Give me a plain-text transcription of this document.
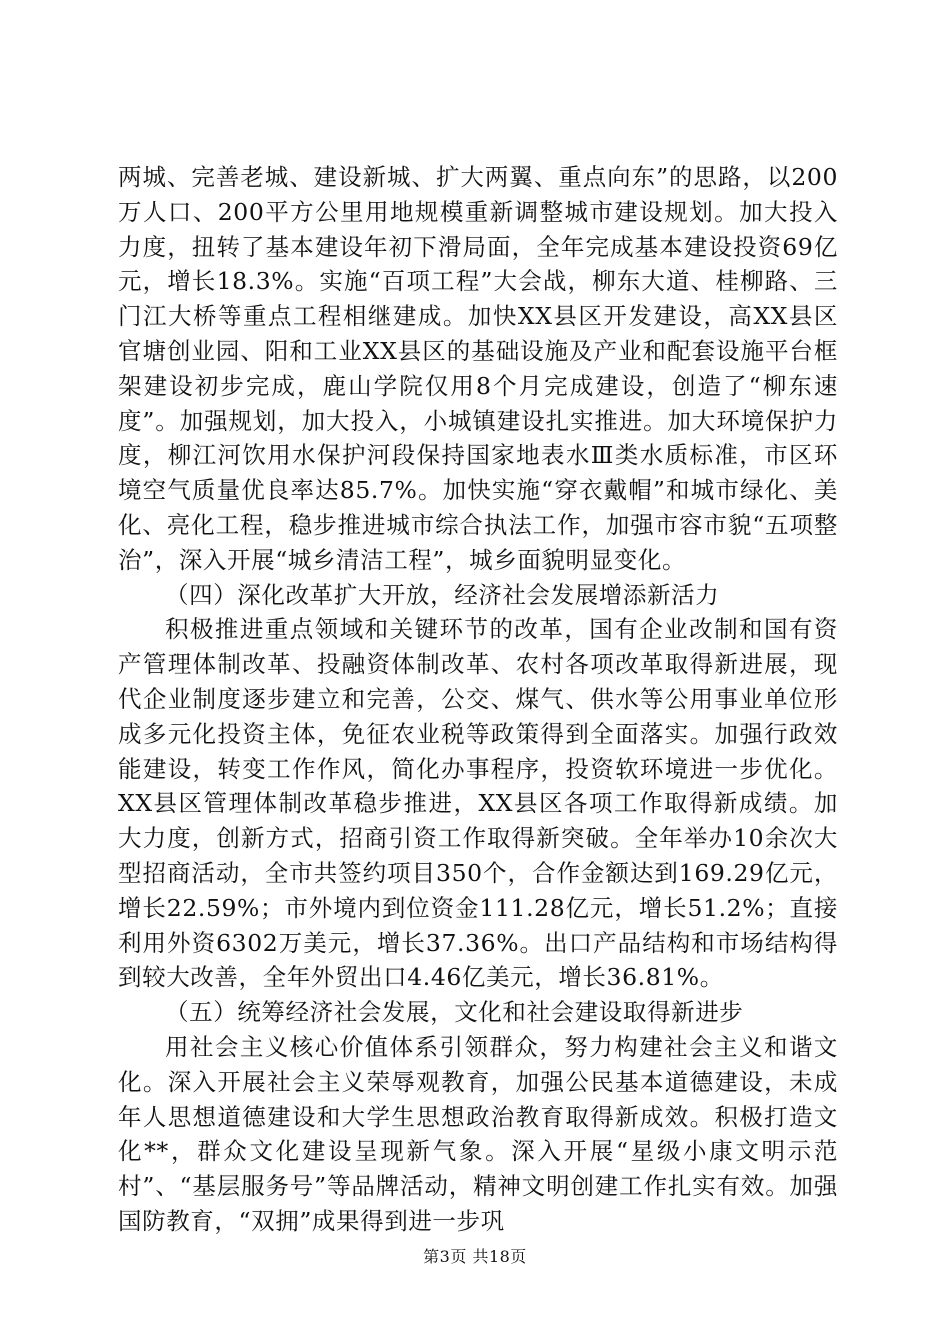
两城、完善老城、建设新城、扩大两翼、重点向东”的思路，以200万人口、200平方公里用地规模重新调整城市建设规划。加大投入力度，扭转了基本建设年初下滑局面，全年完成基本建设投资69亿元，增长18.3%。实施“百项工程”大会战，柳东大道、桂柳路、三门江大桥等重点工程相继建成。加快XX县区开发建设，高XX县区官塘创业园、阳和工业XX县区的基础设施及产业和配套设施平台框架建设初步完成，鹿山学院仅用8个月完成建设，创造了“柳东速度”。加强规划，加大投入，小城镇建设扎实推进。加大环境保护力度，柳江河饮用水保护河段保持国家地表水Ⅲ类水质标准，市区环境空气质量优良率达85.7%。加快实施“穿衣戴帽”和城市绿化、美化、亮化工程，稳步推进城市综合执法工作，加强市容市貌“五项整治”，深入开展“城乡清洁工程”，城乡面貌明显变化。

（四）深化改革扩大开放，经济社会发展增添新活力

积极推进重点领域和关键环节的改革，国有企业改制和国有资产管理体制改革、投融资体制改革、农村各项改革取得新进展，现代企业制度逐步建立和完善，公交、煤气、供水等公用事业单位形成多元化投资主体，免征农业税等政策得到全面落实。加强行政效能建设，转变工作作风，简化办事程序，投资软环境进一步优化。XX县区管理体制改革稳步推进，XX县区各项工作取得新成绩。加大力度，创新方式，招商引资工作取得新突破。全年举办10余次大型招商活动，全市共签约项目350个，合作金额达到169.29亿元，增长22.59%；市外境内到位资金111.28亿元，增长51.2%；直接利用外资6302万美元，增长37.36%。出口产品结构和市场结构得到较大改善，全年外贸出口4.46亿美元，增长36.81%。

（五）统筹经济社会发展，文化和社会建设取得新进步

用社会主义核心价值体系引领群众，努力构建社会主义和谐文化。深入开展社会主义荣辱观教育，加强公民基本道德建设，未成年人思想道德建设和大学生思想政治教育取得新成效。积极打造文化**，群众文化建设呈现新气象。深入开展“星级小康文明示范村”、“基层服务号”等品牌活动，精神文明创建工作扎实有效。加强国防教育，“双拥”成果得到进一步巩

第3页 共18页
